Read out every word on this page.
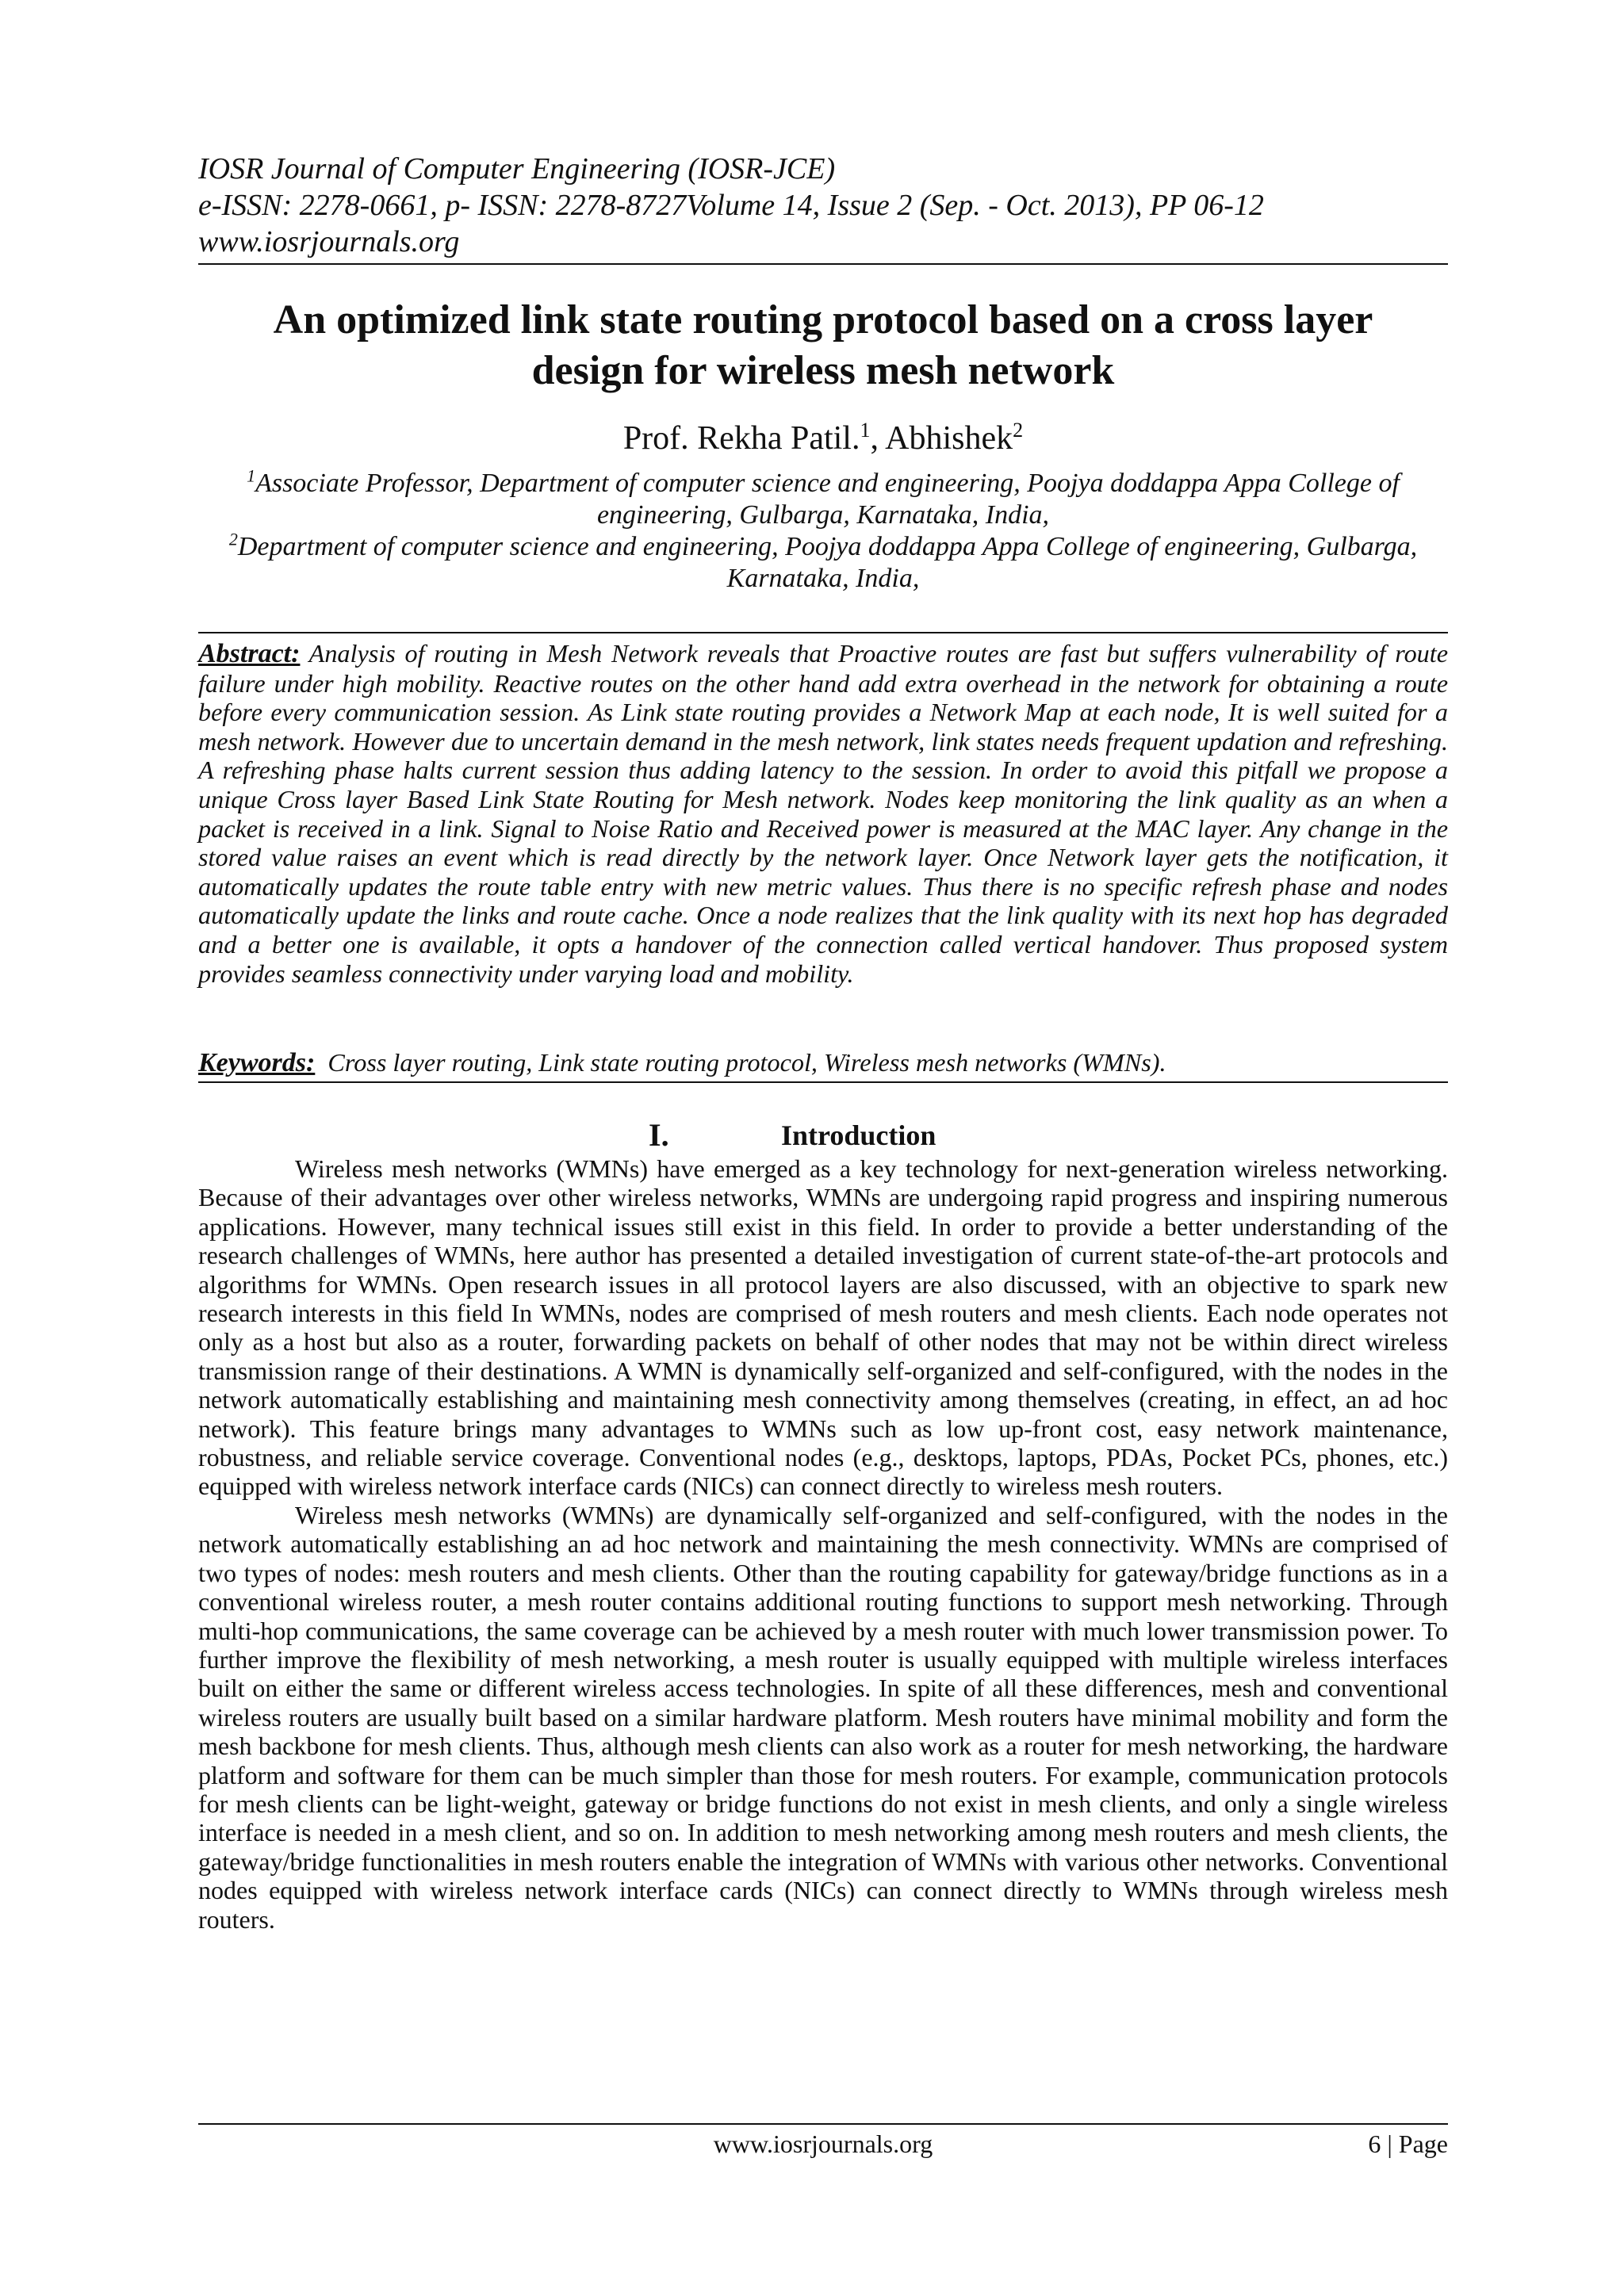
IOSR Journal of Computer Engineering (IOSR-JCE)
e-ISSN: 2278-0661, p- ISSN: 2278-8727Volume 14, Issue 2 (Sep. - Oct. 2013), PP 06-12
www.iosrjournals.org
An optimized link state routing protocol based on a cross layer
design for wireless mesh network
Prof. Rekha Patil.$^1$, Abhishek$^2$
$^1$Associate Professor, Department of computer science and engineering, Poojya doddappa Appa College of
engineering, Gulbarga, Karnataka, India,
$^2$Department of computer science and engineering, Poojya doddappa Appa College of engineering, Gulbarga,
Karnataka, India,
Abstract: Analysis of routing in Mesh Network reveals that Proactive routes are fast but suffers vulnerability of route failure under high mobility. Reactive routes on the other hand add extra overhead in the network for obtaining a route before every communication session. As Link state routing provides a Network Map at each node, It is well suited for a mesh network. However due to uncertain demand in the mesh network, link states needs frequent updation and refreshing. A refreshing phase halts current session thus adding latency to the session. In order to avoid this pitfall we propose a unique Cross layer Based Link State Routing for Mesh network. Nodes keep monitoring the link quality as an when a packet is received in a link. Signal to Noise Ratio and Received power is measured at the MAC layer. Any change in the stored value raises an event which is read directly by the network layer. Once Network layer gets the notification, it automatically updates the route table entry with new metric values. Thus there is no specific refresh phase and nodes automatically update the links and route cache. Once a node realizes that the link quality with its next hop has degraded and a better one is available, it opts a handover of the connection called vertical handover. Thus proposed system provides seamless connectivity under varying load and mobility.
Keywords: Cross layer routing, Link state routing protocol, Wireless mesh networks (WMNs).
I.	Introduction

Wireless mesh networks (WMNs) have emerged as a key technology for next-generation wireless networking. Because of their advantages over other wireless networks, WMNs are undergoing rapid progress and inspiring numerous applications. However, many technical issues still exist in this field. In order to provide a better understanding of the research challenges of WMNs, here author has presented a detailed investigation of current state-of-the-art protocols and algorithms for WMNs. Open research issues in all protocol layers are also discussed, with an objective to spark new research interests in this field In WMNs, nodes are comprised of mesh routers and mesh clients. Each node operates not only as a host but also as a router, forwarding packets on behalf of other nodes that may not be within direct wireless transmission range of their destinations. A WMN is dynamically self-organized and self-configured, with the nodes in the network automatically establishing and maintaining mesh connectivity among themselves (creating, in effect, an ad hoc network). This feature brings many advantages to WMNs such as low up-front cost, easy network maintenance, robustness, and reliable service coverage. Conventional nodes (e.g., desktops, laptops, PDAs, Pocket PCs, phones, etc.) equipped with wireless network interface cards (NICs) can connect directly to wireless mesh routers.

Wireless mesh networks (WMNs) are dynamically self-organized and self-configured, with the nodes in the network automatically establishing an ad hoc network and maintaining the mesh connectivity. WMNs are comprised of two types of nodes: mesh routers and mesh clients. Other than the routing capability for gateway/bridge functions as in a conventional wireless router, a mesh router contains additional routing functions to support mesh networking. Through multi-hop communications, the same coverage can be achieved by a mesh router with much lower transmission power. To further improve the flexibility of mesh networking, a mesh router is usually equipped with multiple wireless interfaces built on either the same or different wireless access technologies. In spite of all these differences, mesh and conventional wireless routers are usually built based on a similar hardware platform. Mesh routers have minimal mobility and form the mesh backbone for mesh clients. Thus, although mesh clients can also work as a router for mesh networking, the hardware platform and software for them can be much simpler than those for mesh routers. For example, communication protocols for mesh clients can be light-weight, gateway or bridge functions do not exist in mesh clients, and only a single wireless interface is needed in a mesh client, and so on. In addition to mesh networking among mesh routers and mesh clients, the gateway/bridge functionalities in mesh routers enable the integration of WMNs with various other networks. Conventional nodes equipped with wireless network interface cards (NICs) can connect directly to WMNs through wireless mesh routers.

www.iosrjournals.org	6 | Page
